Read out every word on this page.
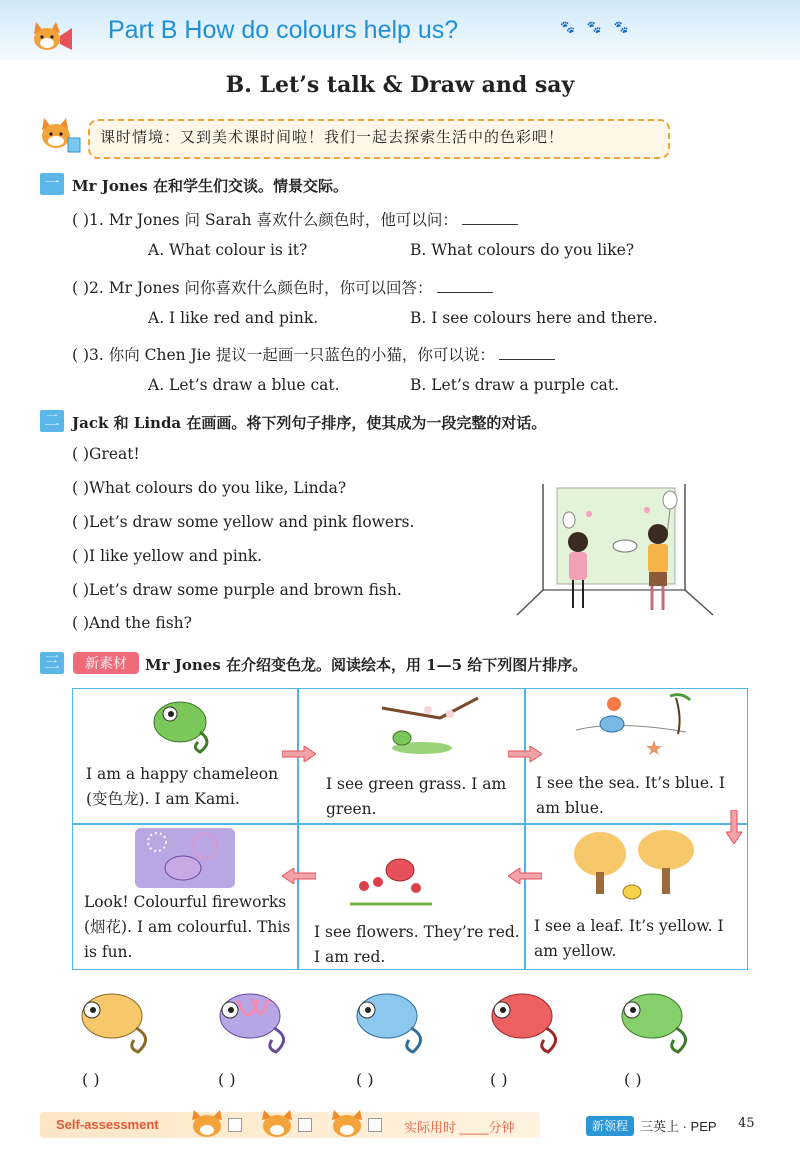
Part B How do colours help us?	🐾 🐾 🐾
B. Let’s talk & Draw and say
课时情境：又到美术课时间啦！我们一起去探索生活中的色彩吧！
一 Mr Jones 在和学生们交谈。情景交际。
( )1. Mr Jones 问 Sarah 喜欢什么颜色时，他可以问：
A. What colour is it?	B. What colours do you like?
( )2. Mr Jones 问你喜欢什么颜色时，你可以回答：
A. I like red and pink.	B. I see colours here and there.
( )3. 你向 Chen Jie 提议一起画一只蓝色的小猫，你可以说：
A. Let’s draw a blue cat.	B. Let’s draw a purple cat.
二 Jack 和 Linda 在画画。将下列句子排序，使其成为一段完整的对话。
( )Great!
( )What colours do you like, Linda?
( )Let’s draw some yellow and pink flowers.
( )I like yellow and pink.
( )Let’s draw some purple and brown fish.
( )And the fish?
三	新素材	Mr Jones 在介绍变色龙。阅读绘本，用 1—5 给下列图片排序。
I am a happy chameleon (变色龙). I am Kami.
I see green grass. I am green.
I see the sea. It’s blue. I am blue.
Look! Colourful fireworks (烟花). I am colourful. This is fun.
I see flowers. They’re red. I am red.
I see a leaf. It’s yellow. I am yellow.
( )	( )	( )	( )	( )
Self-assessment	实际用时 ____分钟	新领程 三英上 · PEP 45
